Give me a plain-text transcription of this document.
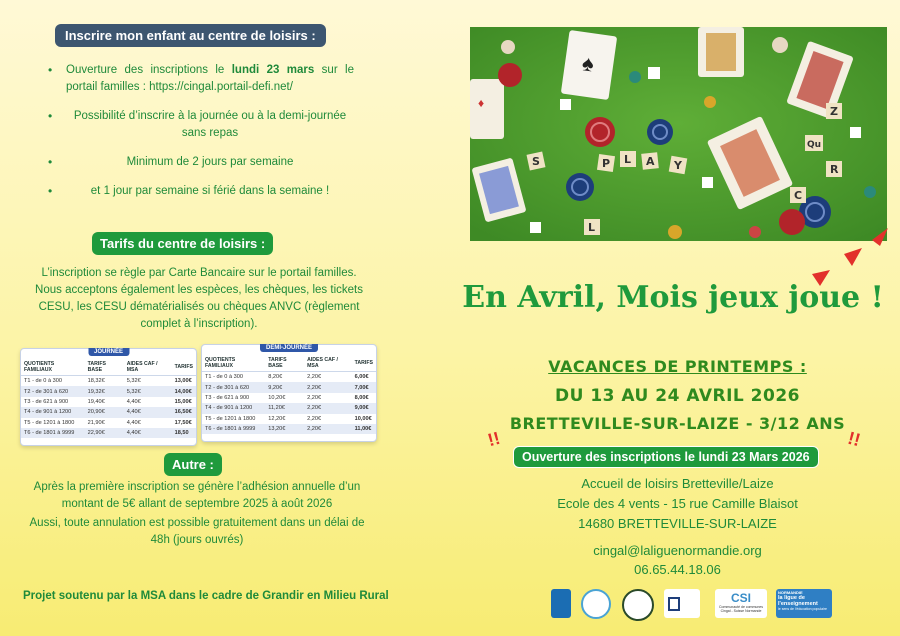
Inscrire mon enfant au centre de loisirs :
• Ouverture des inscriptions le lundi 23 mars sur le portail familles : https://cingal.portail-defi.net/
• Possibilité d’inscrire à la journée ou à la demi-journée sans repas
• Minimum de 2 jours par semaine
• et 1 jour par semaine si férié dans la semaine !
Tarifs du centre de loisirs :
L’inscription se règle par Carte Bancaire sur le portail familles. Nous acceptons également les espèces, les chèques, les tickets CESU, les CESU dématérialisés ou chèques ANVC (règlement complet à l’inscription).
JOURNÉE
QUOTIENTS FAMILIAUX	TARIFS BASE	AIDES CAF / MSA	TARIFS
T1 - de 0 à 300	18,32€	5,32€	13,00€
T2 - de 301 à 620	19,32€	5,32€	14,00€
T3 - de 621 à 900	19,40€	4,40€	15,00€
T4 - de 901 à 1200	20,90€	4,40€	16,50€
T5 - de 1201 à 1800	21,90€	4,40€	17,50€
T6 - de 1801 à 9999	22,90€	4,40€	18,50
DEMI-JOURNÉE
QUOTIENTS FAMILIAUX	TARIFS BASE	AIDES CAF / MSA	TARIFS
T1 - de 0 à 300	8,20€	2,20€	6,00€
T2 - de 301 à 620	9,20€	2,20€	7,00€
T3 - de 621 à 900	10,20€	2,20€	8,00€
T4 - de 901 à 1200	11,20€	2,20€	9,00€
T5 - de 1201 à 1800	12,20€	2,20€	10,00€
T6 - de 1801 à 9999	13,20€	2,20€	11,00€
Autre :
Après la première inscription se génère l’adhésion annuelle d’un montant de 5€ allant de septembre 2025 à août 2026
Aussi, toute annulation est possible gratuitement dans un délai de 48h (jours ouvrés)
Projet soutenu par la MSA dans le cadre de Grandir en Milieu Rural
♠
♦
S	P L A Y
Z
Qu
R
C
L
En Avril, Mois jeux joue !
VACANCES DE PRINTEMPS :
DU 13 AU 24 AVRIL 2026
BRETTEVILLE-SUR-LAIZE - 3/12 ANS
!!	!!
Ouverture des inscriptions le lundi 23 Mars 2026
Accueil de loisirs Bretteville/Laize
Ecole des 4 vents - 15 rue Camille Blaisot
14680 BRETTEVILLE-SUR-LAIZE
cingal@laliguenormandie.org
06.65.44.18.06
CSI
Communauté de communes Cingal - Suisse Normande
NORMANDIE
la ligue de l'enseignement
le sens de l'éducation populaire
